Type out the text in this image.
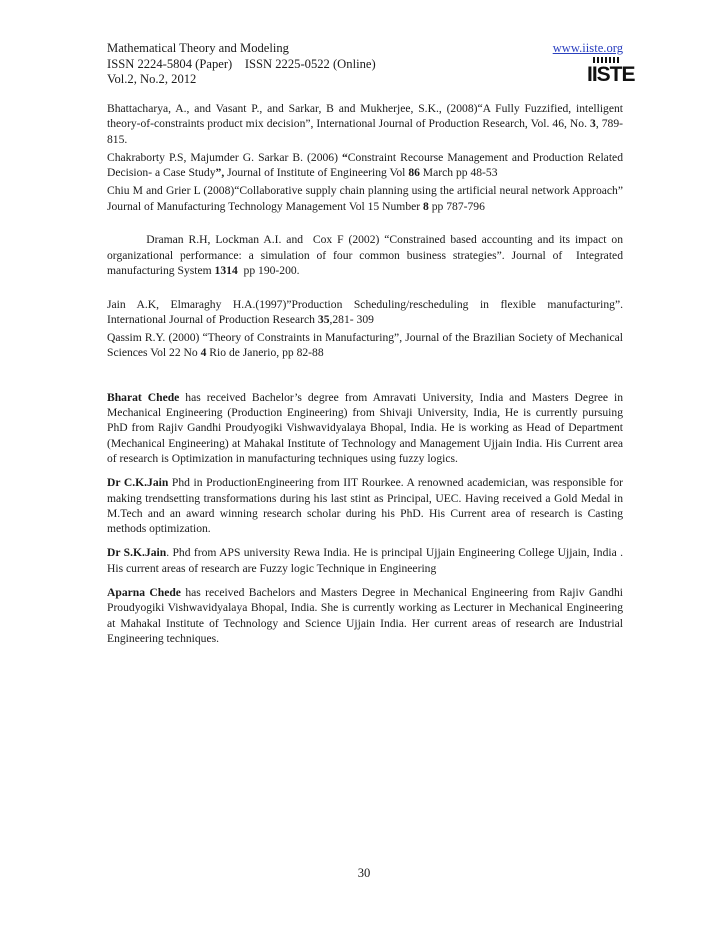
Mathematical Theory and Modeling
ISSN 2224-5804 (Paper)    ISSN 2225-0522 (Online)
Vol.2, No.2, 2012
www.iiste.org
IISTE

Bhattacharya, A., and Vasant P., and Sarkar, B and Mukherjee, S.K., (2008)“A Fully Fuzzified, intelligent theory-of-constraints product mix decision”, International Journal of Production Research, Vol. 46, No. 3, 789-815.

Chakraborty P.S, Majumder G. Sarkar B. (2006) “Constraint Recourse Management and Production Related Decision- a Case Study”, Journal of Institute of Engineering Vol 86 March pp 48-53

Chiu M and Grier L (2008)“Collaborative supply chain planning using the artificial neural network Approach” Journal of Manufacturing Technology Management Vol 15 Number 8 pp 787-796

Draman R.H, Lockman A.I. and  Cox F (2002) “Constrained based accounting and its impact on organizational performance: a simulation of four common business strategies”. Journal of  Integrated manufacturing System 1314  pp 190-200.

Jain A.K, Elmaraghy H.A.(1997)”Production Scheduling/rescheduling in flexible manufacturing”. International Journal of Production Research 35,281- 309

Qassim R.Y. (2000) “Theory of Constraints in Manufacturing”, Journal of the Brazilian Society of Mechanical Sciences Vol 22 No 4 Rio de Janerio, pp 82-88

Bharat Chede has received Bachelor’s degree from Amravati University, India and Masters Degree in Mechanical Engineering (Production Engineering) from Shivaji University, India, He is currently pursuing PhD from Rajiv Gandhi Proudyogiki Vishwavidyalaya Bhopal, India. He is working as Head of Department (Mechanical Engineering) at Mahakal Institute of Technology and Management Ujjain India. His Current area of research is Optimization in manufacturing techniques using fuzzy logics.

Dr C.K.Jain Phd in ProductionEngineering from IIT Rourkee. A renowned academician, was responsible for making trendsetting transformations during his last stint as Principal, UEC. Having received a Gold Medal in M.Tech and an award winning research scholar during his PhD. His Current area of research is Casting methods optimization.

Dr S.K.Jain. Phd from APS university Rewa India. He is principal Ujjain Engineering College Ujjain, India . His current areas of research are Fuzzy logic Technique in Engineering

Aparna Chede has received Bachelors and Masters Degree in Mechanical Engineering from Rajiv Gandhi Proudyogiki Vishwavidyalaya Bhopal, India. She is currently working as Lecturer in Mechanical Engineering at Mahakal Institute of Technology and Science Ujjain India. Her current areas of research are Industrial Engineering techniques.

30
